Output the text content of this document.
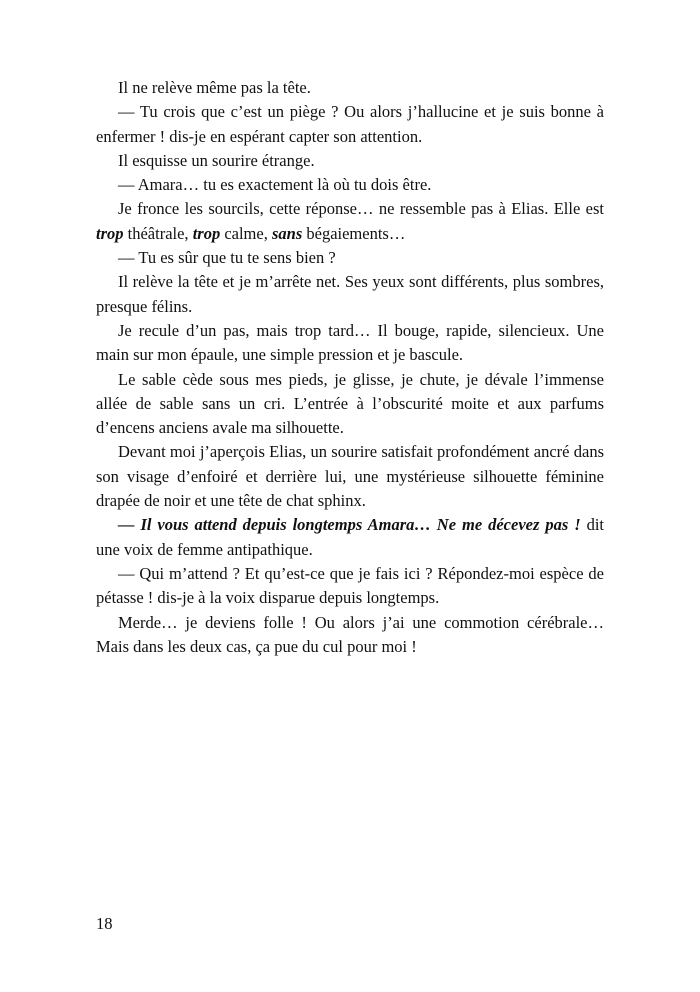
Il ne relève même pas la tête.

— Tu crois que c’est un piège ? Ou alors j’hallucine et je suis bonne à enfermer ! dis-je en espérant capter son attention.

Il esquisse un sourire étrange.

— Amara… tu es exactement là où tu dois être.

Je fronce les sourcils, cette réponse… ne ressemble pas à Elias. Elle est trop théâtrale, trop calme, sans bégaiements…

— Tu es sûr que tu te sens bien ?

Il relève la tête et je m’arrête net. Ses yeux sont différents, plus sombres, presque félins.

Je recule d’un pas, mais trop tard… Il bouge, rapide, silencieux. Une main sur mon épaule, une simple pression et je bascule.

Le sable cède sous mes pieds, je glisse, je chute, je dévale l’immense allée de sable sans un cri. L’entrée à l’obscurité moite et aux parfums d’encens anciens avale ma silhouette.

Devant moi j’aperçois Elias, un sourire satisfait profondément ancré dans son visage d’enfoiré et derrière lui, une mystérieuse silhouette féminine drapée de noir et une tête de chat sphinx.

— Il vous attend depuis longtemps Amara… Ne me décevez pas ! dit une voix de femme antipathique.

— Qui m’attend ? Et qu’est-ce que je fais ici ? Répondez-moi espèce de pétasse ! dis-je à la voix disparue depuis longtemps.

Merde… je deviens folle ! Ou alors j’ai une commotion cérébrale… Mais dans les deux cas, ça pue du cul pour moi !

18
